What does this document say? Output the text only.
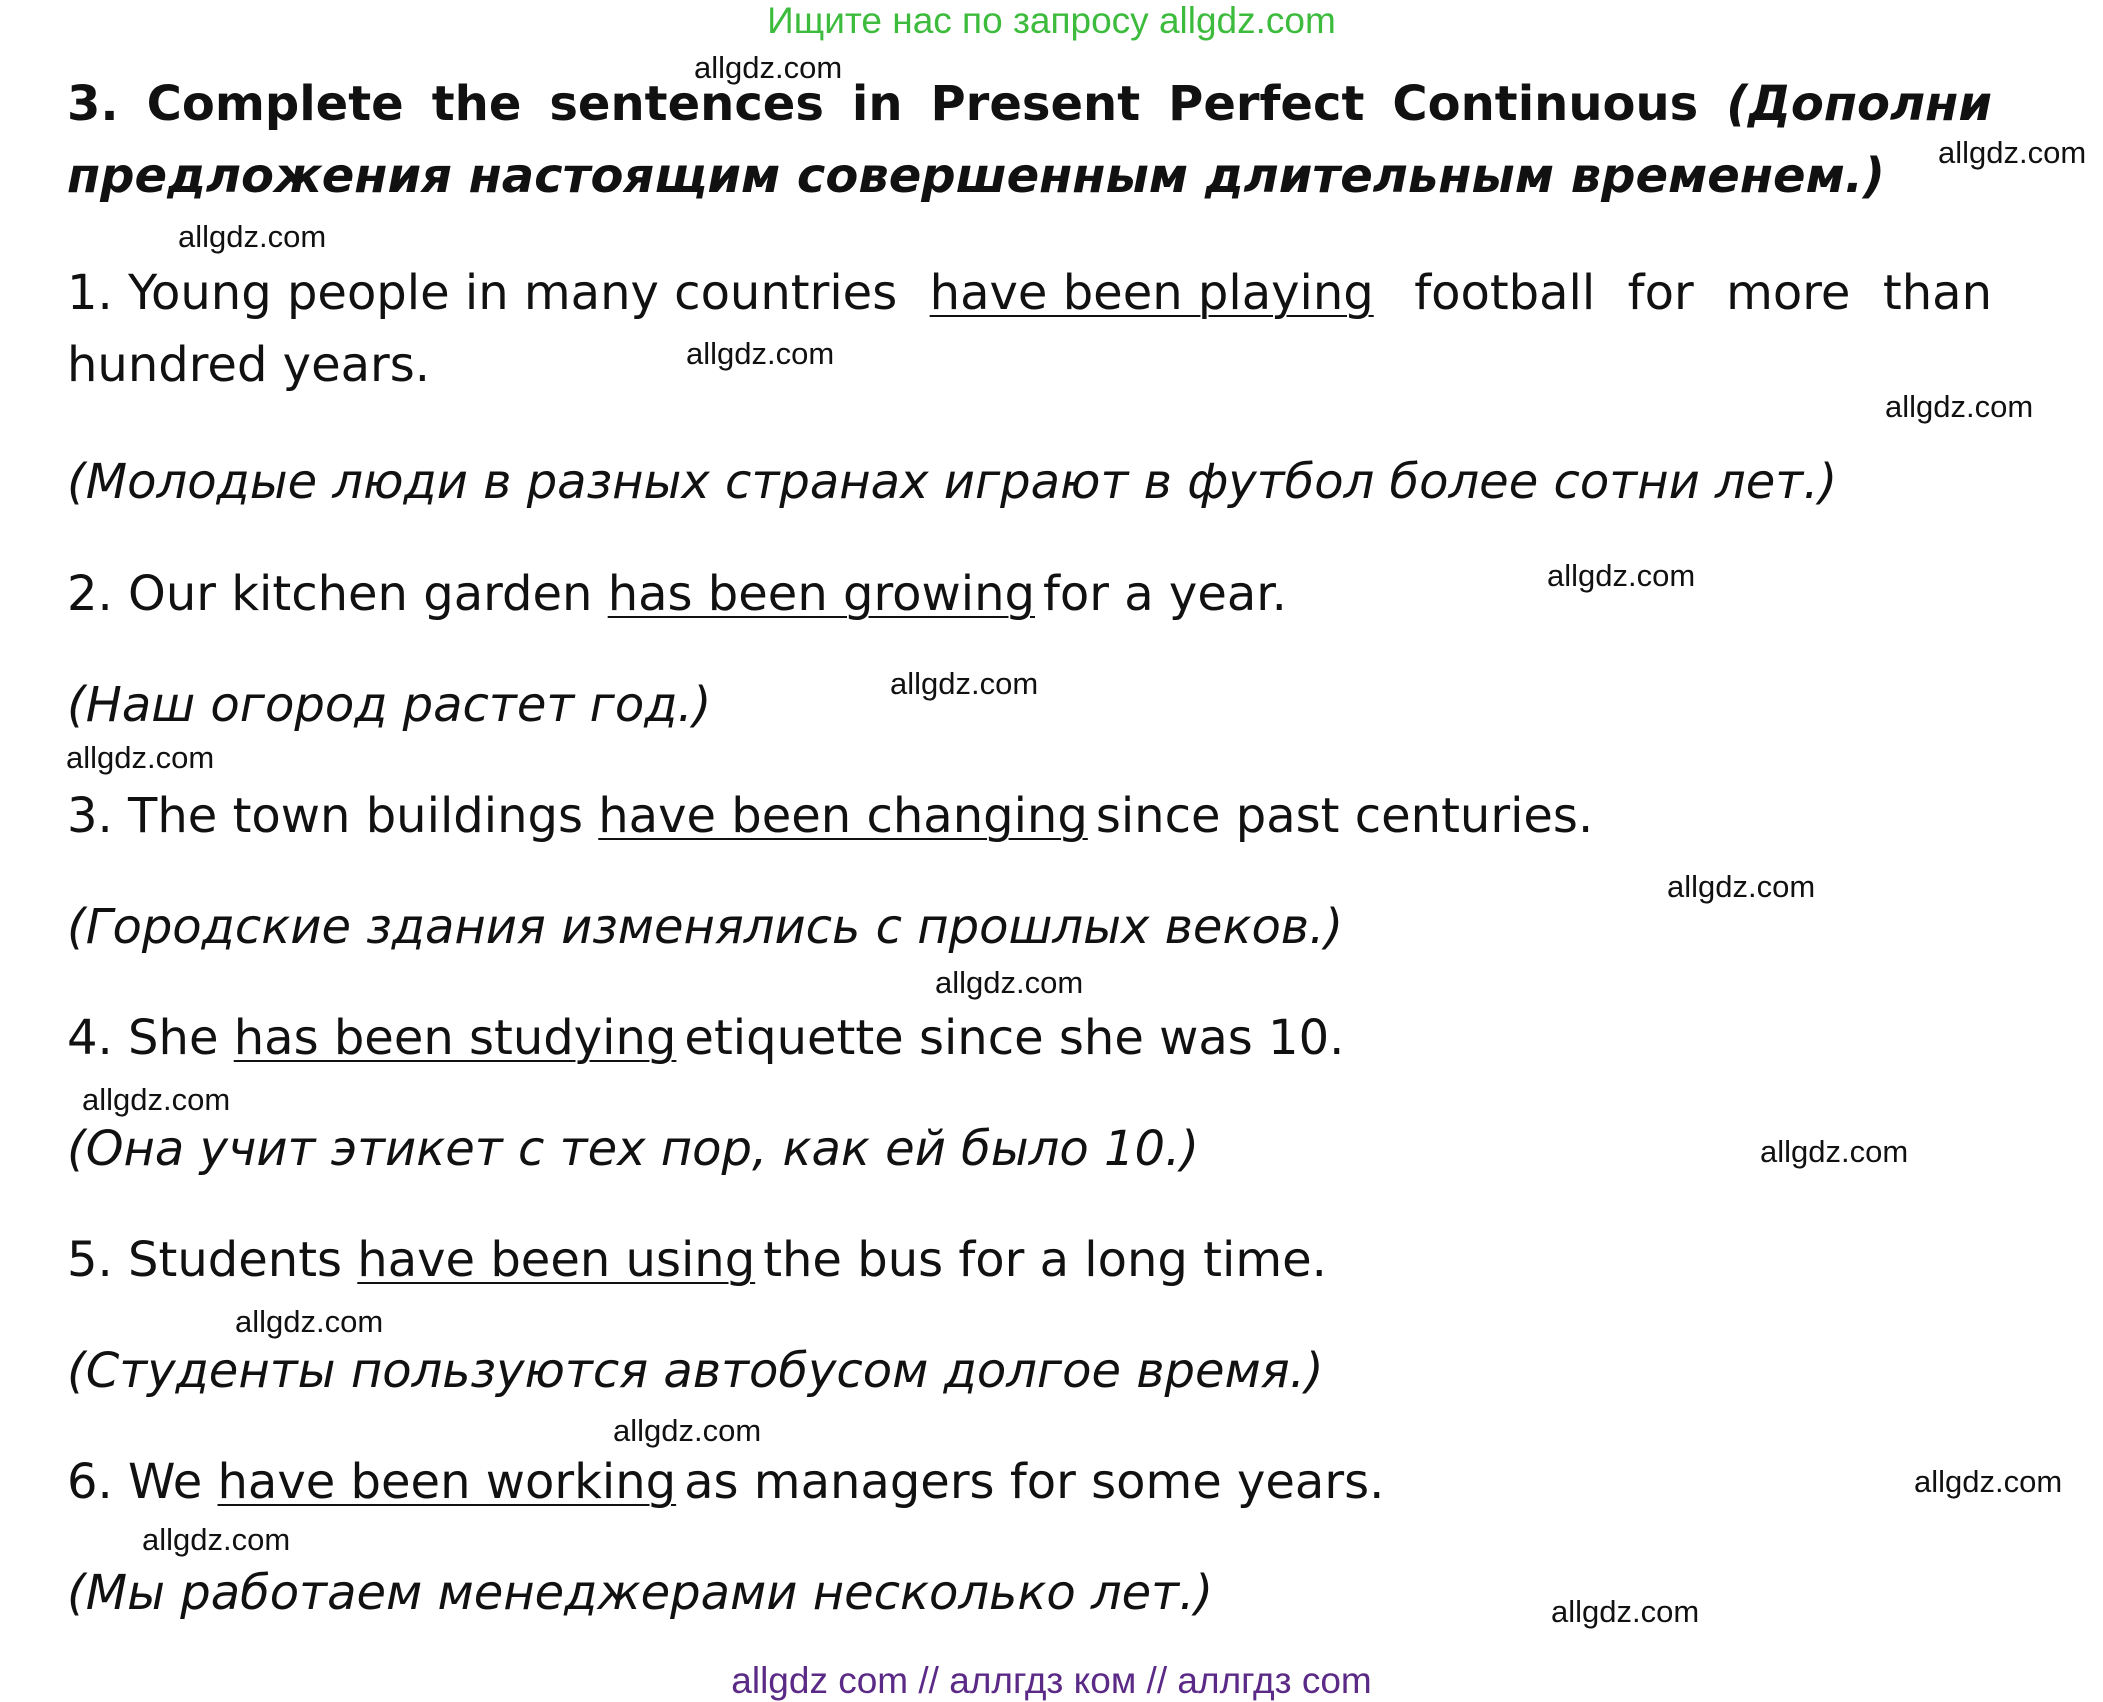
Ищите нас по запросу allgdz.com
3. Complete the sentences in Present Perfect Continuous (Дополни
предложения настоящим совершенным длительным временем.)
1. Young people in many countries have been playing football for more than
hundred years.
(Молодые люди в разных странах играют в футбол более сотни лет.)
2. Our kitchen garden has been growing for a year.
(Наш огород растет год.)
3. The town buildings have been changing since past centuries.
(Городские здания изменялись с прошлых веков.)
4. She has been studying etiquette since she was 10.
(Она учит этикет с тех пор, как ей было 10.)
5. Students have been using the bus for a long time.
(Студенты пользуются автобусом долгое время.)
6. We have been working as managers for some years.
(Мы работаем менеджерами несколько лет.)
allgdz.com
allgdz.com
allgdz.com
allgdz.com
allgdz.com
allgdz.com
allgdz.com
allgdz.com
allgdz.com
allgdz.com
allgdz.com
allgdz.com
allgdz.com
allgdz.com
allgdz.com
allgdz.com
allgdz.com
allgdz com // аллгдз ком // аллгдз com
